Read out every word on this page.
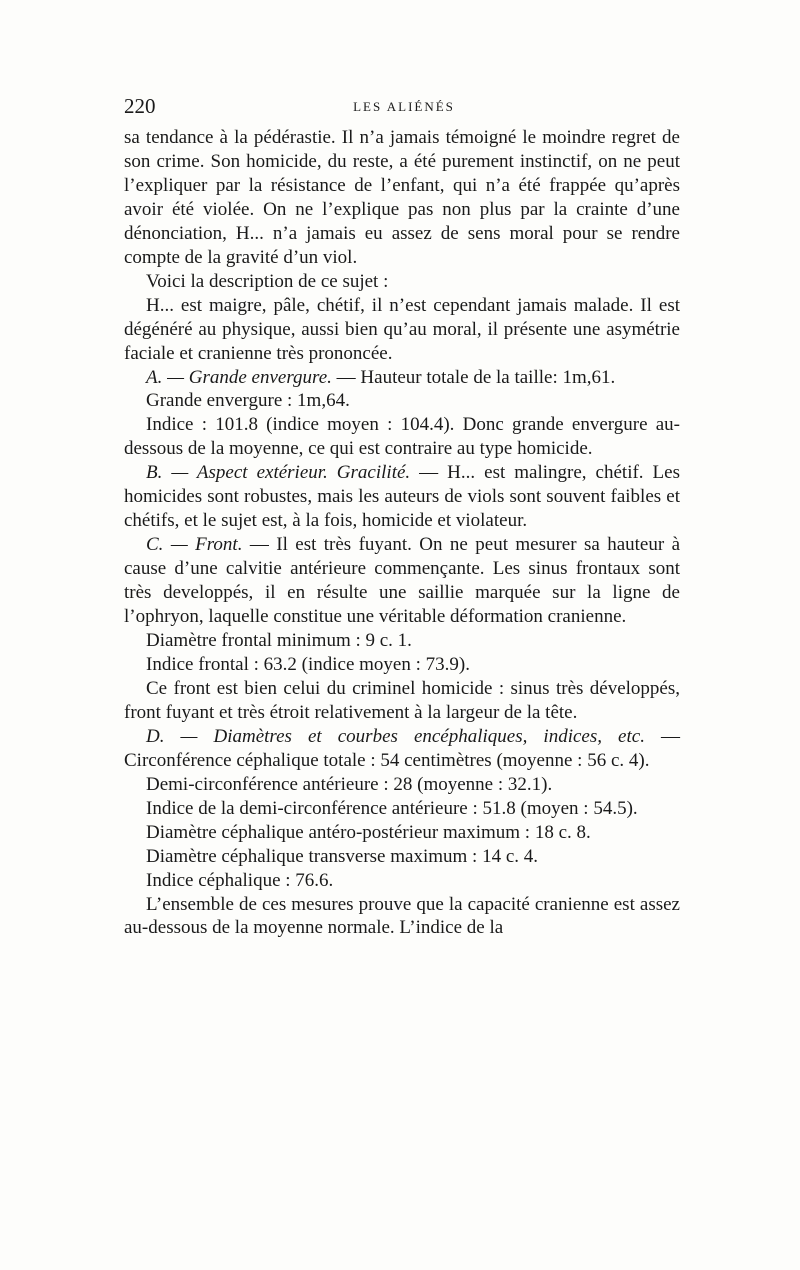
220	LES ALIÉNÉS

sa tendance à la pédérastie. Il n’a jamais témoigné le moindre regret de son crime. Son homicide, du reste, a été purement instinctif, on ne peut l’expliquer par la résistance de l’enfant, qui n’a été frappée qu’après avoir été violée. On ne l’explique pas non plus par la crainte d’une dénonciation, H... n’a jamais eu assez de sens moral pour se rendre compte de la gravité d’un viol.

Voici la description de ce sujet :

H... est maigre, pâle, chétif, il n’est cependant jamais malade. Il est dégénéré au physique, aussi bien qu’au moral, il présente une asymétrie faciale et cranienne très prononcée.

A. — Grande envergure. — Hauteur totale de la taille: 1m,61.

Grande envergure : 1m,64.

Indice : 101.8 (indice moyen : 104.4). Donc grande envergure au-dessous de la moyenne, ce qui est contraire au type homicide.

B. — Aspect extérieur. Gracilité. — H... est malingre, chétif. Les homicides sont robustes, mais les auteurs de viols sont souvent faibles et chétifs, et le sujet est, à la fois, homicide et violateur.

C. — Front. — Il est très fuyant. On ne peut mesurer sa hauteur à cause d’une calvitie antérieure commençante. Les sinus frontaux sont très developpés, il en résulte une saillie marquée sur la ligne de l’ophryon, laquelle constitue une véritable déformation cranienne.

Diamètre frontal minimum : 9 c. 1.

Indice frontal : 63.2 (indice moyen : 73.9).

Ce front est bien celui du criminel homicide : sinus très développés, front fuyant et très étroit relativement à la largeur de la tête.

D. — Diamètres et courbes encéphaliques, indices, etc. — Circonférence céphalique totale : 54 centimètres (moyenne : 56 c. 4).

Demi-circonférence antérieure : 28 (moyenne : 32.1).

Indice de la demi-circonférence antérieure : 51.8 (moyen : 54.5).

Diamètre céphalique antéro-postérieur maximum : 18 c. 8.

Diamètre céphalique transverse maximum : 14 c. 4.

Indice céphalique : 76.6.

L’ensemble de ces mesures prouve que la capacité cranienne est assez au-dessous de la moyenne normale. L’indice de la
